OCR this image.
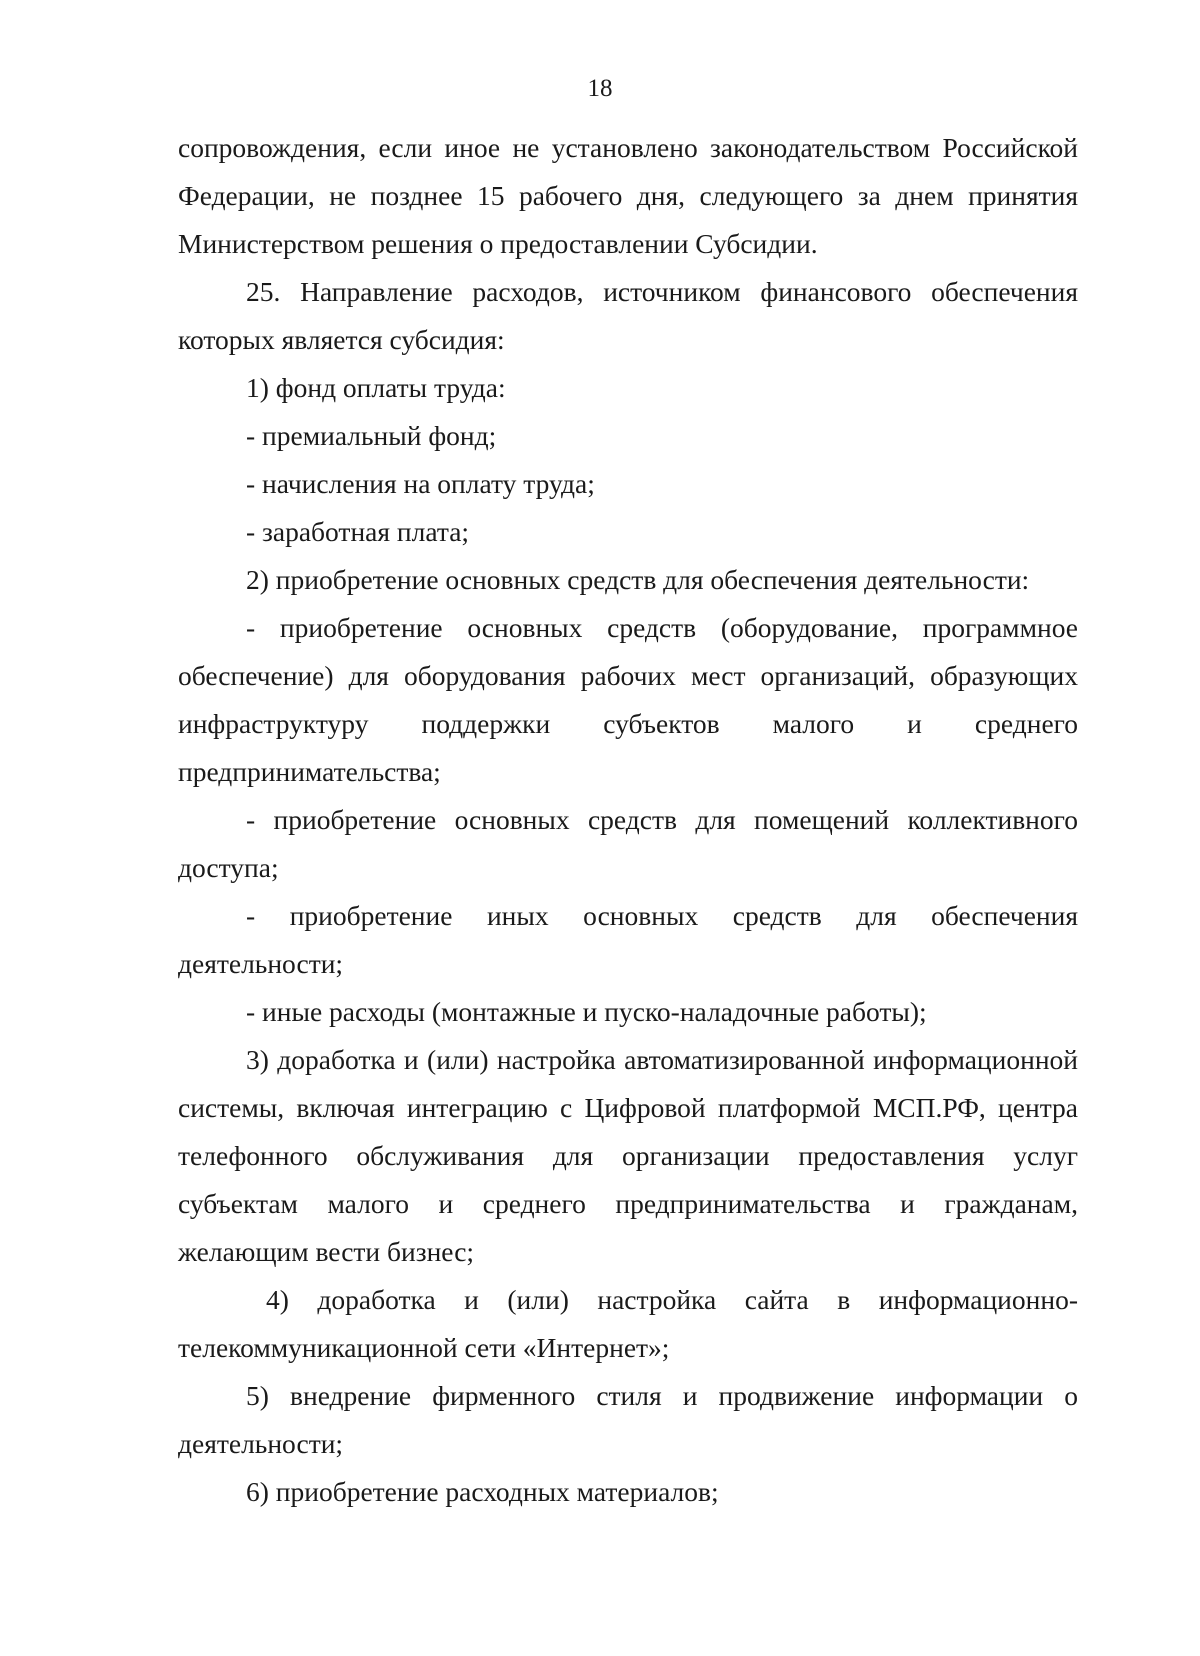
18

сопровождения, если иное не установлено законодательством Российской Федерации, не позднее 15 рабочего дня, следующего за днем принятия Министерством решения о предоставлении Субсидии.

25. Направление расходов, источником финансового обеспечения которых является субсидия:

1) фонд оплаты труда:

- премиальный фонд;

- начисления на оплату труда;

- заработная плата;

2) приобретение основных средств для обеспечения деятельности:

- приобретение основных средств (оборудование, программное обеспечение) для оборудования рабочих мест организаций, образующих инфраструктуру поддержки субъектов малого и среднего предпринимательства;

- приобретение основных средств для помещений коллективного доступа;

- приобретение иных основных средств для обеспечения деятельности;

- иные расходы (монтажные и пуско-наладочные работы);

3) доработка и (или) настройка автоматизированной информационной системы, включая интеграцию с Цифровой платформой МСП.РФ, центра телефонного обслуживания для организации предоставления услуг субъектам малого и среднего предпринимательства и гражданам, желающим вести бизнес;

4) доработка и (или) настройка сайта в информационно-телекоммуникационной сети «Интернет»;

5) внедрение фирменного стиля и продвижение информации о деятельности;

6) приобретение расходных материалов;
